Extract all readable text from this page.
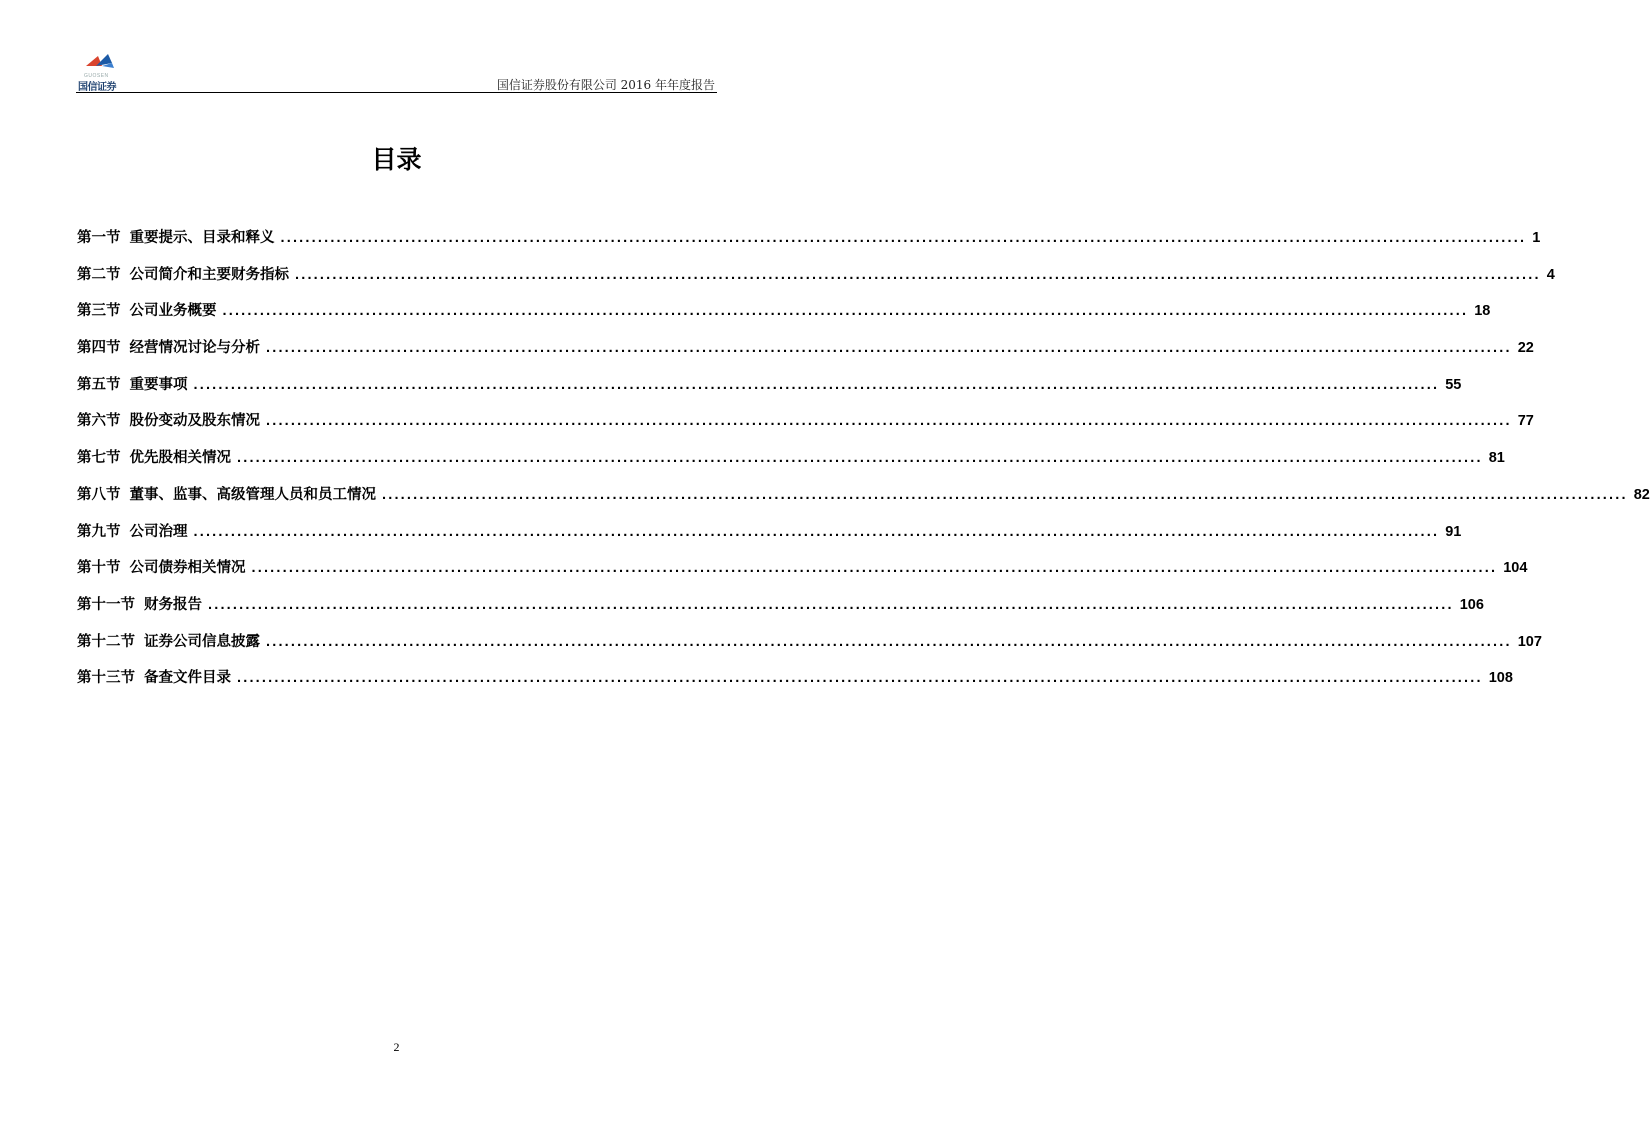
GUOSEN
国信证券	国信证券股份有限公司 2016 年年度报告
目录
第一节 重要提示、目录和释义 ........................................................................................................................................................................................................ 1
第二节 公司简介和主要财务指标 ........................................................................................................................................................................................................ 4
第三节 公司业务概要 ........................................................................................................................................................................................................ 18
第四节 经营情况讨论与分析 ........................................................................................................................................................................................................ 22
第五节 重要事项 ........................................................................................................................................................................................................ 55
第六节 股份变动及股东情况 ........................................................................................................................................................................................................ 77
第七节 优先股相关情况 ........................................................................................................................................................................................................ 81
第八节 董事、监事、高级管理人员和员工情况 ........................................................................................................................................................................................................ 82
第九节 公司治理 ........................................................................................................................................................................................................ 91
第十节 公司债券相关情况 ........................................................................................................................................................................................................ 104
第十一节 财务报告 ........................................................................................................................................................................................................ 106
第十二节 证券公司信息披露 ........................................................................................................................................................................................................ 107
第十三节 备查文件目录 ........................................................................................................................................................................................................ 108
2
